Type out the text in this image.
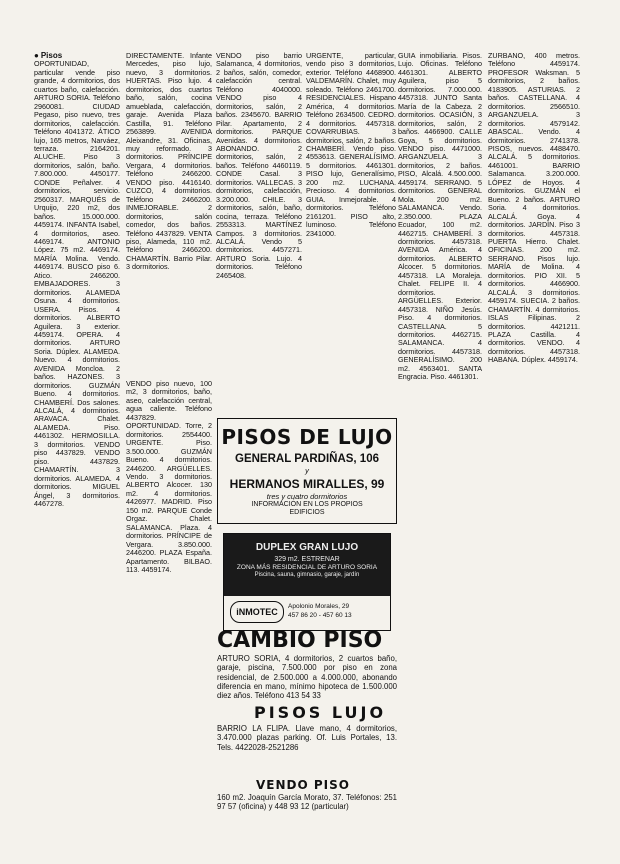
● Pisos

OPORTUNIDAD, particular vende piso grande, 4 dormitorios, dos cuartos baño, calefacción. ARTURO SORIA. Teléfono 2960081. CIUDAD Pegaso, piso nuevo, tres dormitorios, calefacción. Teléfono 4041372. ÁTICO lujo, 165 metros, Narváez, terraza. 2164201. ALUCHE. Piso 3 dormitorios, salón, baño. 7.800.000. 4450177. CONDE Peñalver. 4 dormitorios, servicio. 2560317. MARQUÉS de Urquijo, 220 m2, dos baños. 15.000.000. 4459174. INFANTA Isabel, 4 dormitorios, aseo. 4469174. ANTONIO López. 75 m2. 4469174. MARÍA Molina. Vendo. 4469174. BUSCO piso 6. Atico. 2466200. EMBAJADORES. 3 dormitorios. ALAMEDA Osuna. 4 dormitorios. USERA. Pisos. 4 dormitorios. ALBERTO Aguilera. 3 exterior. 4459174. OPERA. 4 dormitorios. ARTURO Soria. Dúplex. ALAMEDA. Nuevo. 4 dormitorios. AVENIDA Moncloa. 2 baños. HAZONES. 3 dormitorios. GUZMÁN Bueno. 4 dormitorios. CHAMBERÍ. Dos salones. ALCALÁ, 4 dormitorios. ARAVACA. Chalet. ALAMEDA. Piso. 4461302. HERMOSILLA. 3 dormitorios. VENDO piso 4437829. VENDO piso. 4437829. CHAMARTÍN. 3 dormitorios. ALAMEDA. 4 dormitorios. MIGUEL Ángel, 3 dormitorios. 4467278.

DIRECTAMENTE. Infante Mercedes, piso lujo, nuevo, 3 dormitorios. HUERTAS. Piso lujo. 4 dormitorios, dos cuartos baño, salón, cocina amueblada, calefacción, garaje. Avenida Plaza Castilla, 91. Teléfono 2563899. AVENIDA Aleixandre, 31. Oficinas, muy reformado. 3 dormitorios. PRÍNCIPE Vergara, 4 dormitorios. Teléfono 2466200. VENDO piso. 4416140. CUZCO, 4 dormitorios. Teléfono 2466200. INMEJORABLE. 2 dormitorios, salón comedor, dos baños. Teléfono 4437829. VENTA piso, Alameda, 110 m2. Teléfono 2466200. CHAMARTÍN. Barrio Pilar. 3 dormitorios.

VENDO piso nuevo, 100 m2, 3 dormitorios, baño, aseo, calefacción central, agua caliente. Teléfono 4437829. OPORTUNIDAD. Torre, 2 dormitorios. 2554400. URGENTE. Piso. 3.500.000. GUZMÁN Bueno. 4 dormitorios. 2446200. ARGÜELLES. Vendo. 3 dormitorios. ALBERTO Alcocer. 130 m2. 4 dormitorios. 4426977. MADRID. Piso 150 m2. PARQUE Conde Orgaz. Chalet. SALAMANCA. Plaza. 4 dormitorios. PRÍNCIPE de Vergara. 3.850.000. 2446200. PLAZA España. Apartamento. BILBAO. 113. 4459174.

VENDO piso barrio Salamanca, 4 dormitorios, 2 baños, salón, comedor, calefacción central. Teléfono 4040000. VENDO piso 4 dormitorios, salón, 2 baños. 2345670. BARRIO Pilar. Apartamento, 2 dormitorios. PARQUE Avenidas. 4 dormitorios. ABONANDO. 2 dormitorios, salón, 2 baños. Teléfono 4460119. CONDE Casal. 3 dormitorios. VALLECAS. 3 dormitorios, calefacción, 3.200.000. CHILE. 3 dormitorios, salón, baño, cocina, terraza. Teléfono 2553313. MARTÍNEZ Campos. 3 dormitorios. ALCALÁ. Vendo 5 dormitorios. 4457271. ARTURO Soria. Lujo. 4 dormitorios. Teléfono 2465408.

URGENTE, particular, vendo piso 3 dormitorios, exterior. Teléfono 4468900. VALDEMARÍN. Chalet, muy soleado. Teléfono 2461700. RESIDENCIALES. Hispano América, 4 dormitorios. Teléfono 2634500. CEDRO. 4 dormitorios. 4457318. COVARRUBIAS. 3 dormitorios, salón, 2 baños. CHAMBERÍ. Vendo piso. 4553613. GENERALÍSIMO. 5 dormitorios. 4461301. PISO lujo, Generalísimo, 200 m2. LUCHANA. Precioso. 4 dormitorios. GUIA. Inmejorable. 4 dormitorios. Teléfono 2161201. PISO alto, luminoso. Teléfono 2341000.

GUIA inmobiliaria. Pisos. Lujo. Oficinas. Teléfono 4461301. ALBERTO Aguilera, piso 5 dormitorios. 7.000.000. 4457318. JUNTO Santa María de la Cabeza. 2 dormitorios. OCASIÓN, 3 dormitorios, salón, 2 baños. 4466900. CALLE Goya, 5 dormitorios. VENDO piso. 4471000. ARGANZUELA. 3 dormitorios, 2 baños. PISO, Alcalá. 4.500.000. 4459174. SERRANO. 5 dormitorios. GENERAL Mola. 200 m2. SALAMANCA. Vendo. 2.350.000. PLAZA Ecuador, 100 m2. 4462715. CHAMBERÍ. 3 dormitorios. 4457318. AVENIDA América. 4 dormitorios. ALBERTO Alcocer. 5 dormitorios. 4457318. LA Moraleja. Chalet. FELIPE II. 4 dormitorios. ARGÜELLES. Exterior. 4457318. NIÑO Jesús. Piso. 4 dormitorios. CASTELLANA. 5 dormitorios. 4462715. SALAMANCA. 4 dormitorios. 4457318. GENERALÍSIMO. 200 m2. 4563401. SANTA Engracia. Piso. 4461301.

ZURBANO, 400 metros. Teléfono 4459174. PROFESOR Waksman. 5 dormitorios, 2 baños. 4183905. ASTURIAS. 2 baños. CASTELLANA. 4 dormitorios. 2566510. ARGANZUELA. 3 dormitorios. 4579142. ABASCAL. Vendo. 4 dormitorios. 2741378. PISOS, nuevos. 4488470. ALCALÁ. 5 dormitorios. 4461001. BARRIO Salamanca. 3.200.000. LÓPEZ de Hoyos. 4 dormitorios. GUZMÁN el Bueno. 2 baños. ARTURO Soria. 4 dormitorios. ALCALÁ. Goya. 4 dormitorios. JARDÍN. Piso 3 dormitorios. 4457318. PUERTA Hierro. Chalet. OFICINAS. 200 m2. SERRANO. Pisos lujo. MARÍA de Molina. 4 dormitorios. PIO XII. 5 dormitorios. 4466900. ALCALÁ. 3 dormitorios. 4459174. SUECIA. 2 baños. CHAMARTÍN. 4 dormitorios. ISLAS Filipinas. 2 dormitorios. 4421211. PLAZA Castilla. 4 dormitorios. VENDO. 4 dormitorios. 4457318. HABANA. Dúplex. 4459174.

PISOS DE LUJO
GENERAL PARDIÑAS, 106
y
HERMANOS MIRALLES, 99
tres y cuatro dormitorios
INFORMACIÓN EN LOS PROPIOS
EDIFICIOS
DUPLEX GRAN LUJO
329 m2. ESTRENAR
ZONA MÁS RESIDENCIAL DE ARTURO SORIA
Piscina, sauna, gimnasio, garaje, jardín
iNMOTEC
Apolonio Morales, 29
457 86 20 - 457 60 13
CAMBIO PISO
ARTURO SORIA, 4 dormitorios, 2 cuartos baño, garaje, piscina, 7.500.000 por piso en zona residencial, de 2.500.000 a 4.000.000, abonando diferencia en mano, mínimo hipoteca de 1.500.000 diez años. Teléfono 413 54 33
PISOS LUJO
BARRIO LA FLIPA. Llave mano, 4 dormitorios, 3.470.000 plazas parking. Of. Luis Portales, 13. Tels. 4422028-2521286
VENDO PISO
160 m2. Joaquín García Morato, 37. Teléfonos: 251 97 57 (oficina) y 448 93 12 (particular)
